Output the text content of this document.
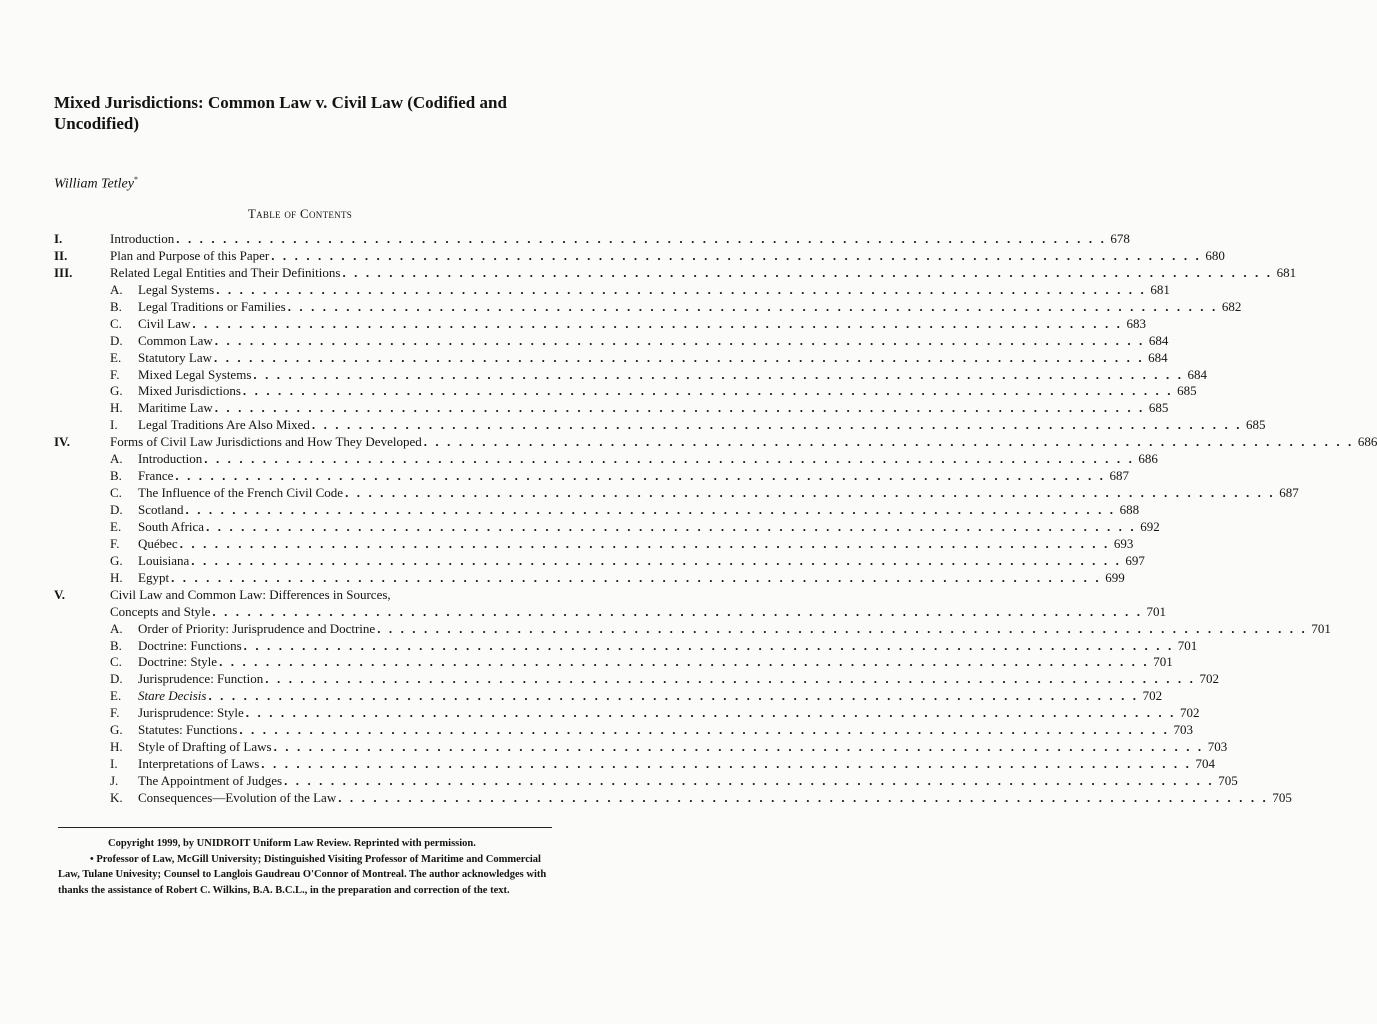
Mixed Jurisdictions: Common Law v. Civil Law (Codified and Uncodified)
William Tetley*
Table of Contents
I.	Introduction . . . . . . . . . . . . . . . . . . . . . . . . . . . . . . . . . . . . . . . . . . . . . . . . . . . . . . . . . . . . . . . . . . . . . . . . . . . . . . . . 678
II.	Plan and Purpose of this Paper . . . . . . . . . . . . . . . . . . . . . . . . . . . . . . . . . . . . . . . . . . . . . . . . . . . . . . . . . . . . . . . . . . . . . . . . . . . . . . . . 680
III.	Related Legal Entities and Their Definitions . . . . . . . . . . . . . . . . . . . . . . . . . . . . . . . . . . . . . . . . . . . . . . . . . . . . . . . . . . . . . . . . . . . . . . . . . . . . . . . . 681
A.	Legal Systems . . . . . . . . . . . . . . . . . . . . . . . . . . . . . . . . . . . . . . . . . . . . . . . . . . . . . . . . . . . . . . . . . . . . . . . . . . . . . . . . 681
B.	Legal Traditions or Families . . . . . . . . . . . . . . . . . . . . . . . . . . . . . . . . . . . . . . . . . . . . . . . . . . . . . . . . . . . . . . . . . . . . . . . . . . . . . . . . 682
C.	Civil Law . . . . . . . . . . . . . . . . . . . . . . . . . . . . . . . . . . . . . . . . . . . . . . . . . . . . . . . . . . . . . . . . . . . . . . . . . . . . . . . . 683
D.	Common Law . . . . . . . . . . . . . . . . . . . . . . . . . . . . . . . . . . . . . . . . . . . . . . . . . . . . . . . . . . . . . . . . . . . . . . . . . . . . . . . . 684
E.	Statutory Law . . . . . . . . . . . . . . . . . . . . . . . . . . . . . . . . . . . . . . . . . . . . . . . . . . . . . . . . . . . . . . . . . . . . . . . . . . . . . . . . 684
F.	Mixed Legal Systems . . . . . . . . . . . . . . . . . . . . . . . . . . . . . . . . . . . . . . . . . . . . . . . . . . . . . . . . . . . . . . . . . . . . . . . . . . . . . . . . 684
G.	Mixed Jurisdictions . . . . . . . . . . . . . . . . . . . . . . . . . . . . . . . . . . . . . . . . . . . . . . . . . . . . . . . . . . . . . . . . . . . . . . . . . . . . . . . . 685
H.	Maritime Law . . . . . . . . . . . . . . . . . . . . . . . . . . . . . . . . . . . . . . . . . . . . . . . . . . . . . . . . . . . . . . . . . . . . . . . . . . . . . . . . 685
I.	Legal Traditions Are Also Mixed . . . . . . . . . . . . . . . . . . . . . . . . . . . . . . . . . . . . . . . . . . . . . . . . . . . . . . . . . . . . . . . . . . . . . . . . . . . . . . . . 685
IV.	Forms of Civil Law Jurisdictions and How They Developed . . . . . . . . . . . . . . . . . . . . . . . . . . . . . . . . . . . . . . . . . . . . . . . . . . . . . . . . . . . . . . . . . . . . . . . . . . . . . . . . 686
A.	Introduction . . . . . . . . . . . . . . . . . . . . . . . . . . . . . . . . . . . . . . . . . . . . . . . . . . . . . . . . . . . . . . . . . . . . . . . . . . . . . . . . 686
B.	France . . . . . . . . . . . . . . . . . . . . . . . . . . . . . . . . . . . . . . . . . . . . . . . . . . . . . . . . . . . . . . . . . . . . . . . . . . . . . . . . 687
C.	The Influence of the French Civil Code . . . . . . . . . . . . . . . . . . . . . . . . . . . . . . . . . . . . . . . . . . . . . . . . . . . . . . . . . . . . . . . . . . . . . . . . . . . . . . . . 687
D.	Scotland . . . . . . . . . . . . . . . . . . . . . . . . . . . . . . . . . . . . . . . . . . . . . . . . . . . . . . . . . . . . . . . . . . . . . . . . . . . . . . . . 688
E.	South Africa . . . . . . . . . . . . . . . . . . . . . . . . . . . . . . . . . . . . . . . . . . . . . . . . . . . . . . . . . . . . . . . . . . . . . . . . . . . . . . . . 692
F.	Québec . . . . . . . . . . . . . . . . . . . . . . . . . . . . . . . . . . . . . . . . . . . . . . . . . . . . . . . . . . . . . . . . . . . . . . . . . . . . . . . . 693
G.	Louisiana . . . . . . . . . . . . . . . . . . . . . . . . . . . . . . . . . . . . . . . . . . . . . . . . . . . . . . . . . . . . . . . . . . . . . . . . . . . . . . . . 697
H.	Egypt . . . . . . . . . . . . . . . . . . . . . . . . . . . . . . . . . . . . . . . . . . . . . . . . . . . . . . . . . . . . . . . . . . . . . . . . . . . . . . . . 699
V.	Civil Law and Common Law: Differences in Sources,
Concepts and Style . . . . . . . . . . . . . . . . . . . . . . . . . . . . . . . . . . . . . . . . . . . . . . . . . . . . . . . . . . . . . . . . . . . . . . . . . . . . . . . . 701
A.	Order of Priority: Jurisprudence and Doctrine . . . . . . . . . . . . . . . . . . . . . . . . . . . . . . . . . . . . . . . . . . . . . . . . . . . . . . . . . . . . . . . . . . . . . . . . . . . . . . . . 701
B.	Doctrine: Functions . . . . . . . . . . . . . . . . . . . . . . . . . . . . . . . . . . . . . . . . . . . . . . . . . . . . . . . . . . . . . . . . . . . . . . . . . . . . . . . . 701
C.	Doctrine: Style . . . . . . . . . . . . . . . . . . . . . . . . . . . . . . . . . . . . . . . . . . . . . . . . . . . . . . . . . . . . . . . . . . . . . . . . . . . . . . . . 701
D.	Jurisprudence: Function . . . . . . . . . . . . . . . . . . . . . . . . . . . . . . . . . . . . . . . . . . . . . . . . . . . . . . . . . . . . . . . . . . . . . . . . . . . . . . . . 702
E.	Stare Decisis . . . . . . . . . . . . . . . . . . . . . . . . . . . . . . . . . . . . . . . . . . . . . . . . . . . . . . . . . . . . . . . . . . . . . . . . . . . . . . . . 702
F.	Jurisprudence: Style . . . . . . . . . . . . . . . . . . . . . . . . . . . . . . . . . . . . . . . . . . . . . . . . . . . . . . . . . . . . . . . . . . . . . . . . . . . . . . . . 702
G.	Statutes: Functions . . . . . . . . . . . . . . . . . . . . . . . . . . . . . . . . . . . . . . . . . . . . . . . . . . . . . . . . . . . . . . . . . . . . . . . . . . . . . . . . 703
H.	Style of Drafting of Laws . . . . . . . . . . . . . . . . . . . . . . . . . . . . . . . . . . . . . . . . . . . . . . . . . . . . . . . . . . . . . . . . . . . . . . . . . . . . . . . . 703
I.	Interpretations of Laws . . . . . . . . . . . . . . . . . . . . . . . . . . . . . . . . . . . . . . . . . . . . . . . . . . . . . . . . . . . . . . . . . . . . . . . . . . . . . . . . 704
J.	The Appointment of Judges . . . . . . . . . . . . . . . . . . . . . . . . . . . . . . . . . . . . . . . . . . . . . . . . . . . . . . . . . . . . . . . . . . . . . . . . . . . . . . . . 705
K.	Consequences—Evolution of the Law . . . . . . . . . . . . . . . . . . . . . . . . . . . . . . . . . . . . . . . . . . . . . . . . . . . . . . . . . . . . . . . . . . . . . . . . . . . . . . . . 705

Copyright 1999, by UNIDROIT Uniform Law Review. Reprinted with permission.

• Professor of Law, McGill University; Distinguished Visiting Professor of Maritime and Commercial Law, Tulane Univesity; Counsel to Langlois Gaudreau O'Connor of Montreal. The author acknowledges with thanks the assistance of Robert C. Wilkins, B.A. B.C.L., in the preparation and correction of the text.
